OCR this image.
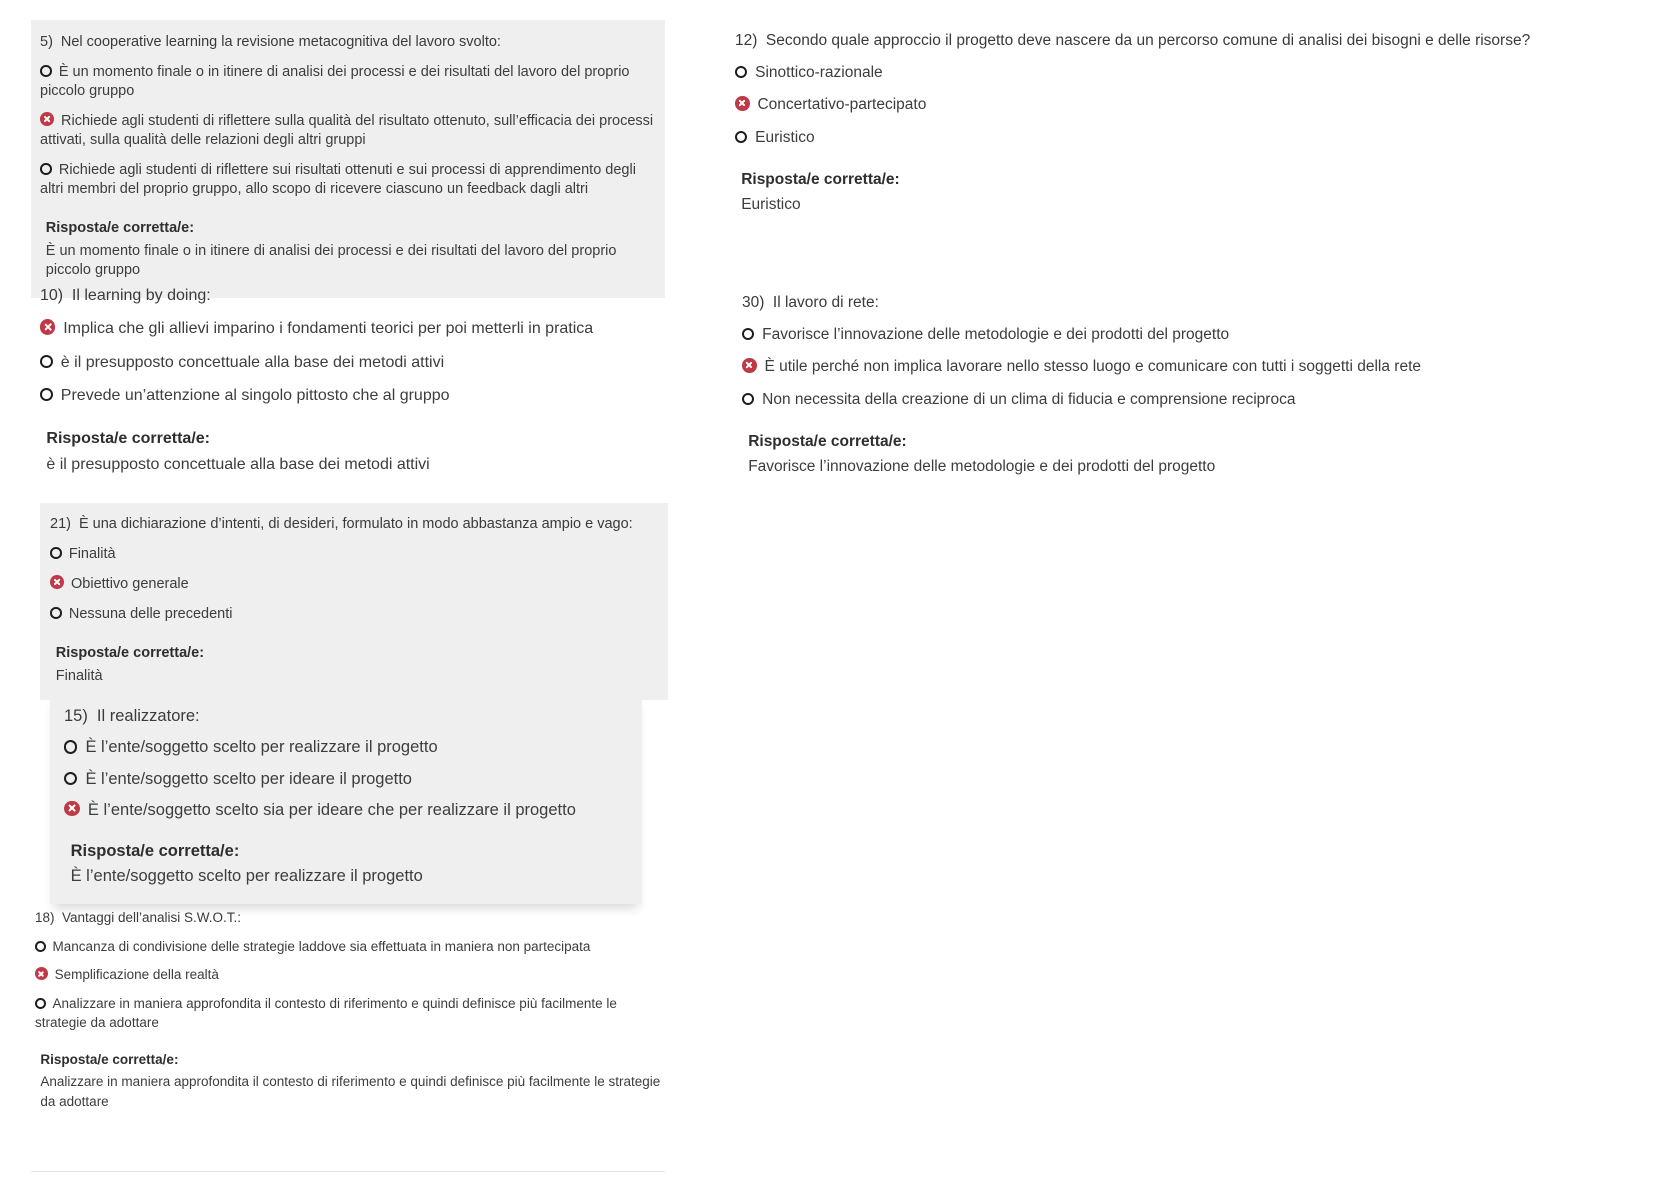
5) Nel cooperative learning la revisione metacognitiva del lavoro svolto:

È un momento finale o in itinere di analisi dei processi e dei risultati del lavoro del proprio piccolo gruppo

Richiede agli studenti di riflettere sulla qualità del risultato ottenuto, sull’efficacia dei processi attivati, sulla qualità delle relazioni degli altri gruppi

Richiede agli studenti di riflettere sui risultati ottenuti e sui processi di apprendimento degli altri membri del proprio gruppo, allo scopo di ricevere ciascuno un feedback dagli altri

Risposta/e corretta/e:

È un momento finale o in itinere di analisi dei processi e dei risultati del lavoro del proprio piccolo gruppo

12) Secondo quale approccio il progetto deve nascere da un percorso comune di analisi dei bisogni e delle risorse?

Sinottico-razionale

Concertativo-partecipato

Euristico

Risposta/e corretta/e:

Euristico

10) Il learning by doing:

Implica che gli allievi imparino i fondamenti teorici per poi metterli in pratica

è il presupposto concettuale alla base dei metodi attivi

Prevede un’attenzione al singolo pittosto che al gruppo

Risposta/e corretta/e:

è il presupposto concettuale alla base dei metodi attivi

30) Il lavoro di rete:

Favorisce l’innovazione delle metodologie e dei prodotti del progetto

È utile perché non implica lavorare nello stesso luogo e comunicare con tutti i soggetti della rete

Non necessita della creazione di un clima di fiducia e comprensione reciproca

Risposta/e corretta/e:

Favorisce l’innovazione delle metodologie e dei prodotti del progetto

21) È una dichiarazione d’intenti, di desideri, formulato in modo abbastanza ampio e vago:

Finalità

Obiettivo generale

Nessuna delle precedenti

Risposta/e corretta/e:

Finalità

15) Il realizzatore:

È l’ente/soggetto scelto per realizzare il progetto

È l’ente/soggetto scelto per ideare il progetto

È l’ente/soggetto scelto sia per ideare che per realizzare il progetto

Risposta/e corretta/e:

È l’ente/soggetto scelto per realizzare il progetto

18) Vantaggi dell’analisi S.W.O.T.:

Mancanza di condivisione delle strategie laddove sia effettuata in maniera non partecipata

Semplificazione della realtà

Analizzare in maniera approfondita il contesto di riferimento e quindi definisce più facilmente le strategie da adottare

Risposta/e corretta/e:

Analizzare in maniera approfondita il contesto di riferimento e quindi definisce più facilmente le strategie da adottare
